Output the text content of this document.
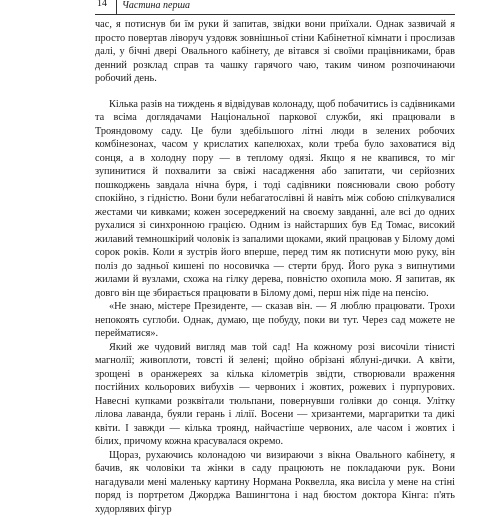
14 Частина перша

час, я потиснув би їм руки й запитав, звідки вони приїхали. Однак зазвичай я просто повертав ліворуч уздовж зовнішньої стіни Кабінетної кімнати і прослизав далі, у бічні двері Овального кабінету, де вітався зі своїми працівниками, брав денний розклад справ та чашку гарячого чаю, таким чином розпочинаючи робочий день.

Кілька разів на тиждень я відвідував колонаду, щоб побачитись із садівниками та всіма доглядачами Національної паркової служби, які працювали в Трояндовому саду. Це були здебільшого літні люди в зелених робочих комбінезонах, часом у крислатих капелюхах, коли треба було заховатися від сонця, а в холодну пору — в теплому одязі. Якщо я не квапився, то міг зупинитися й похвалити за свіжі насадження або запитати, чи серйозних пошкоджень завдала нічна буря, і тоді садівники пояснювали свою роботу спокійно, з гідністю. Вони були небагатослівні й навіть між собою спілкувалися жестами чи кивками; кожен зосереджений на своєму завданні, але всі до одних рухалися зі синхронною грацією. Одним із найстарших був Ед Томас, високий жилавий темношкірий чоловік із запалими щоками, який працював у Білому домі сорок років. Коли я зустрів його вперше, перед тим як потиснути мою руку, він поліз до задньої кишені по носовичка — стерти бруд. Його рука з випнутими жилами й вузлами, схожа на гілку дерева, повністю охопила мою. Я запитав, як довго він ще збирається працювати в Білому домі, перш ніж піде на пенсію.

«Не знаю, містере Президенте, — сказав він. — Я люблю працювати. Трохи непокоять суглоби. Однак, думаю, ще побуду, поки ви тут. Через сад можете не перейматися».

Який же чудовий вигляд мав той сад! На кожному розі височіли тінисті магнолії; живоплоти, товсті й зелені; щойно обрізані яблуні-дички. А квіти, зрощені в оранжереях за кілька кілометрів звідти, створювали враження постійних кольорових вибухів — червоних і жовтих, рожевих і пурпурових. Навесні купками розквітали тюльпани, повернувши голівки до сонця. Улітку лілова лаванда, буяли герань і лілії. Восени — хризантеми, маргаритки та дикі квіти. І завжди — кілька троянд, найчастіше червоних, але часом і жовтих і білих, причому кожна красувалася окремо.

Щораз, рухаючись колонадою чи визираючи з вікна Овального кабінету, я бачив, як чоловіки та жінки в саду працюють не покладаючи рук. Вони нагадували мені маленьку картину Нормана Роквелла, яка висіла у мене на стіні поряд із портретом Джорджа Вашингтона і над бюстом доктора Кінга: п'ять худорлявих фігур
